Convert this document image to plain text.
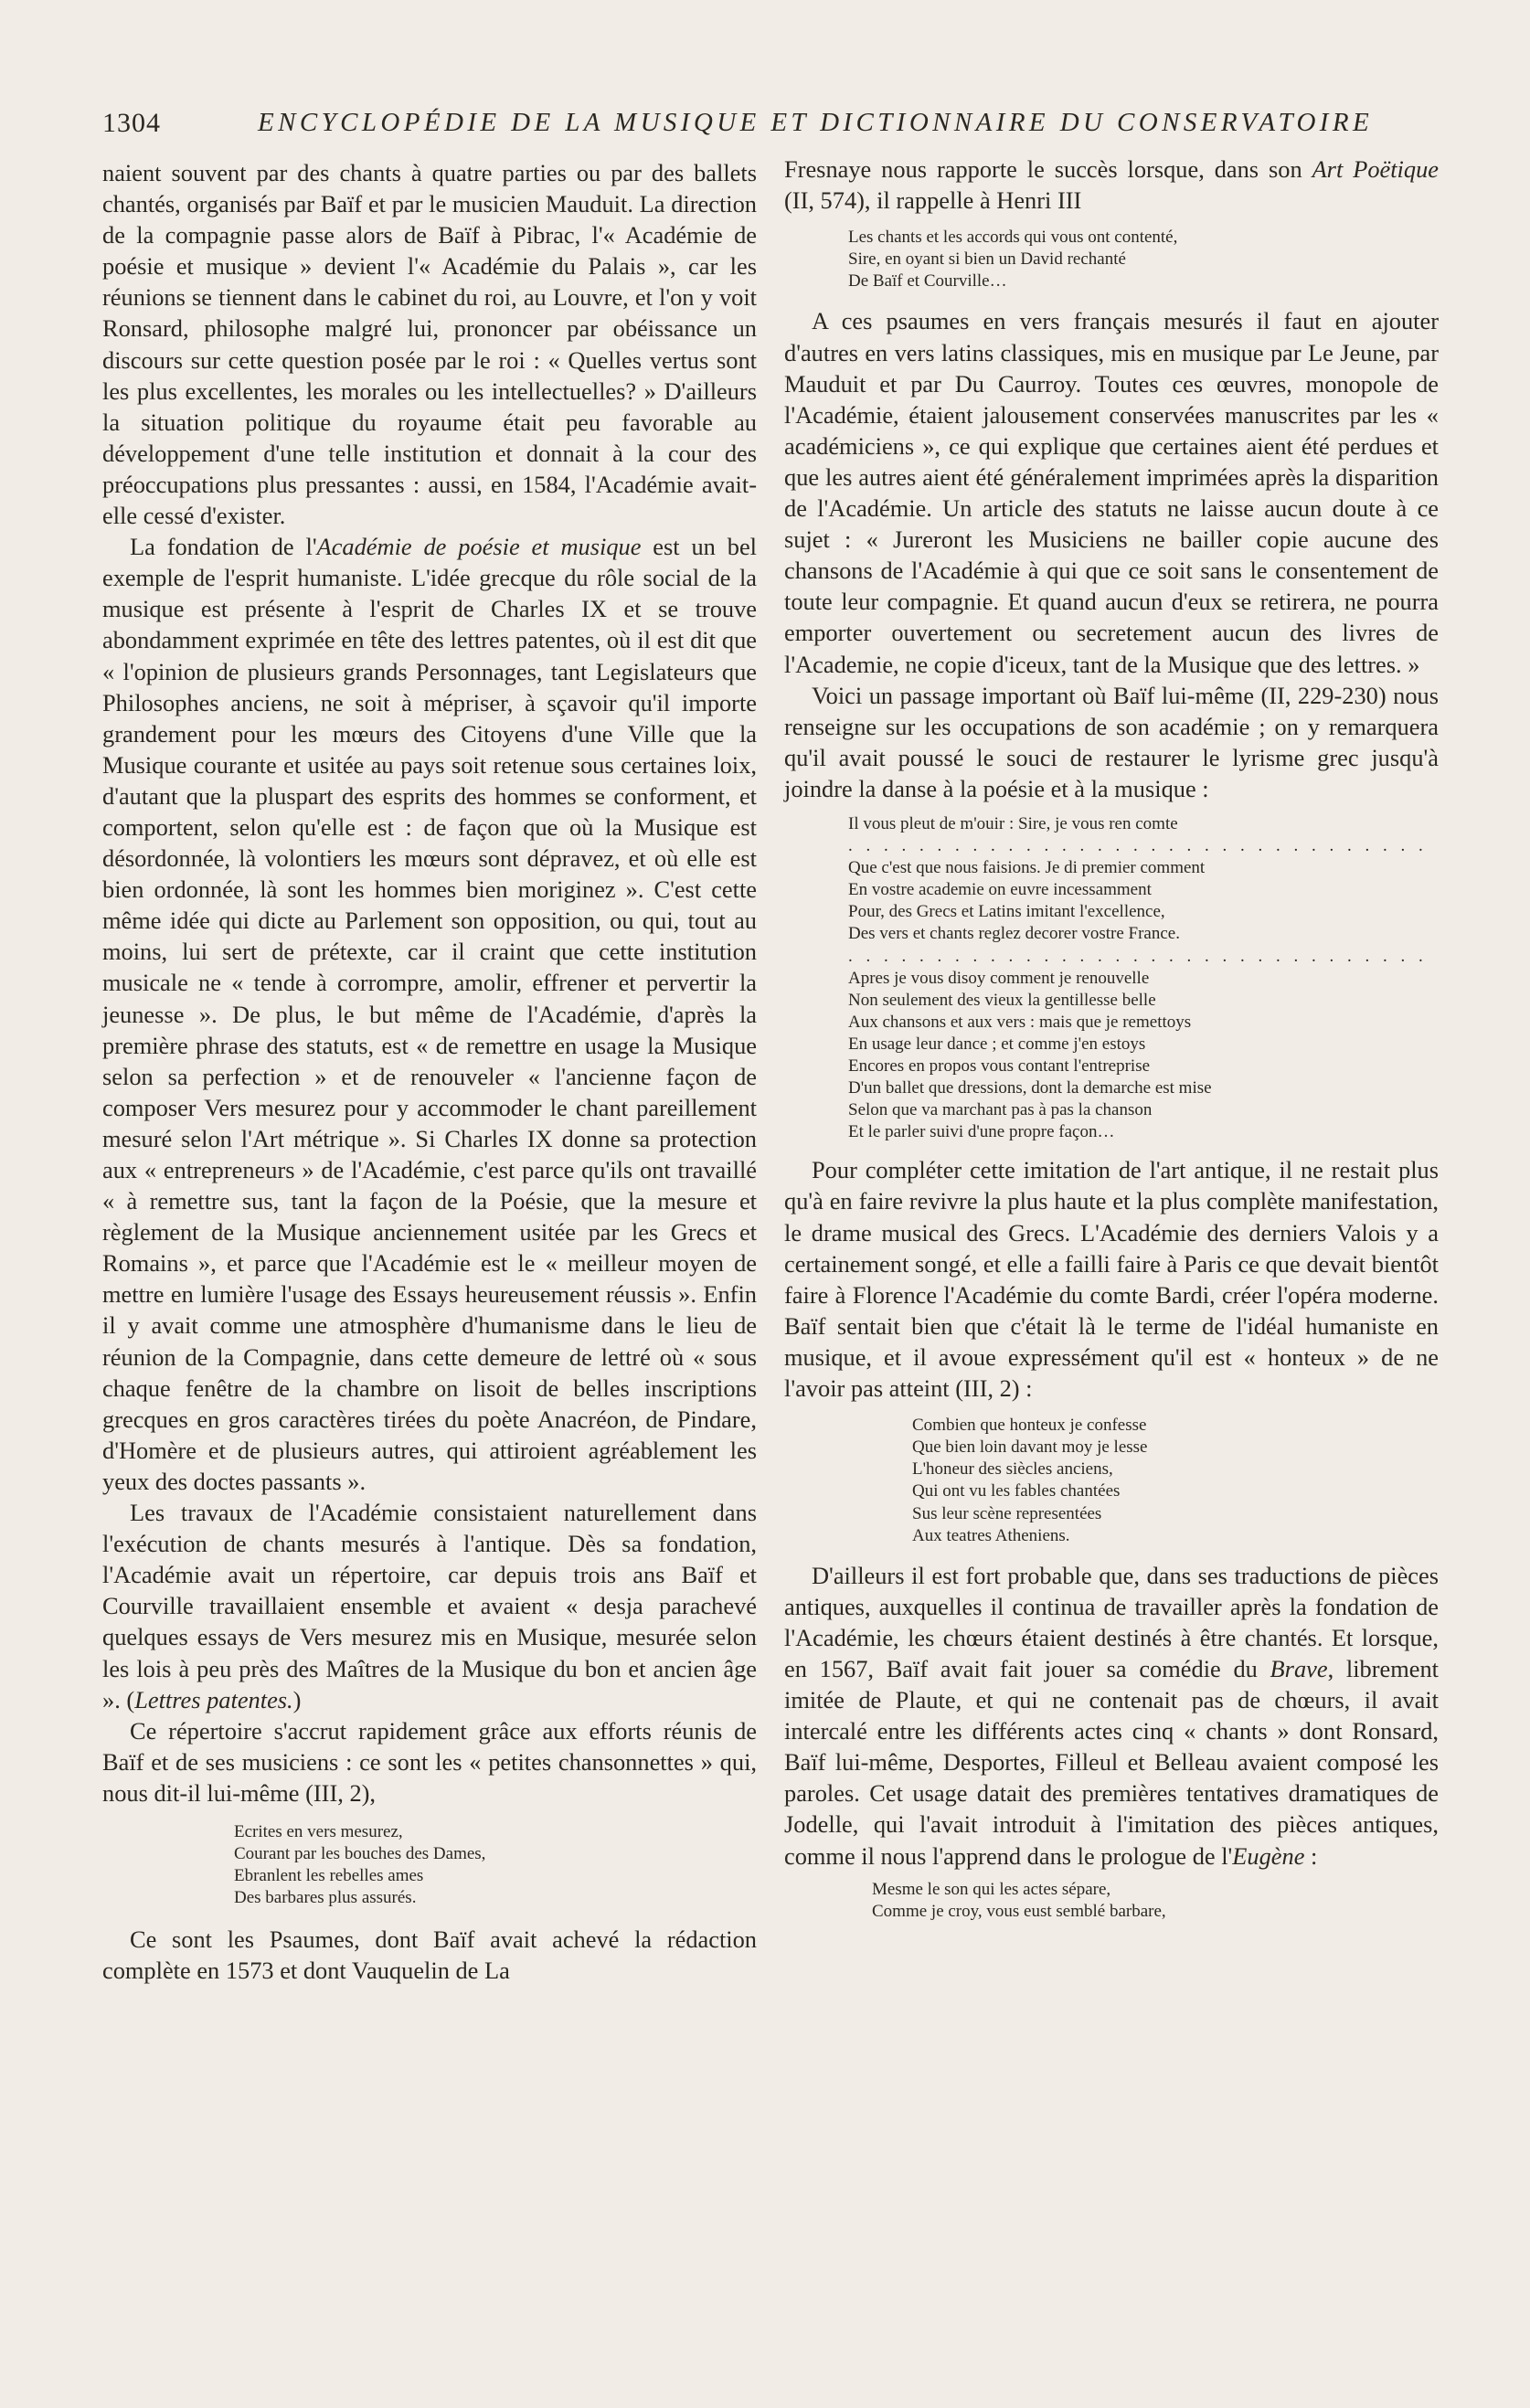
1304	ENCYCLOPÉDIE DE LA MUSIQUE ET DICTIONNAIRE DU CONSERVATOIRE

naient souvent par des chants à quatre parties ou par des ballets chantés, organisés par Baïf et par le musicien Mauduit. La direction de la compagnie passe alors de Baïf à Pibrac, l'« Académie de poésie et musique » devient l'« Académie du Palais », car les réunions se tiennent dans le cabinet du roi, au Louvre, et l'on y voit Ronsard, philosophe malgré lui, prononcer par obéissance un discours sur cette question posée par le roi : « Quelles vertus sont les plus excellentes, les morales ou les intellectuelles? » D'ailleurs la situation politique du royaume était peu favorable au développement d'une telle institution et donnait à la cour des préoccupations plus pressantes : aussi, en 1584, l'Académie avait-elle cessé d'exister.

La fondation de l'Académie de poésie et musique est un bel exemple de l'esprit humaniste. L'idée grecque du rôle social de la musique est présente à l'esprit de Charles IX et se trouve abondamment exprimée en tête des lettres patentes, où il est dit que « l'opinion de plusieurs grands Personnages, tant Legislateurs que Philosophes anciens, ne soit à mépriser, à sçavoir qu'il importe grandement pour les mœurs des Citoyens d'une Ville que la Musique courante et usitée au pays soit retenue sous certaines loix, d'autant que la pluspart des esprits des hommes se conforment, et comportent, selon qu'elle est : de façon que où la Musique est désordonnée, là volontiers les mœurs sont dépravez, et où elle est bien ordonnée, là sont les hommes bien moriginez ». C'est cette même idée qui dicte au Parlement son opposition, ou qui, tout au moins, lui sert de prétexte, car il craint que cette institution musicale ne « tende à corrompre, amolir, effrener et pervertir la jeunesse ». De plus, le but même de l'Académie, d'après la première phrase des statuts, est « de remettre en usage la Musique selon sa perfection » et de renouveler « l'ancienne façon de composer Vers mesurez pour y accommoder le chant pareillement mesuré selon l'Art métrique ». Si Charles IX donne sa protection aux « entrepreneurs » de l'Académie, c'est parce qu'ils ont travaillé « à remettre sus, tant la façon de la Poésie, que la mesure et règlement de la Musique anciennement usitée par les Grecs et Romains », et parce que l'Académie est le « meilleur moyen de mettre en lumière l'usage des Essays heureusement réussis ». Enfin il y avait comme une atmosphère d'humanisme dans le lieu de réunion de la Compagnie, dans cette demeure de lettré où « sous chaque fenêtre de la chambre on lisoit de belles inscriptions grecques en gros caractères tirées du poète Anacréon, de Pindare, d'Homère et de plusieurs autres, qui attiroient agréablement les yeux des doctes passants ».

Les travaux de l'Académie consistaient naturellement dans l'exécution de chants mesurés à l'antique. Dès sa fondation, l'Académie avait un répertoire, car depuis trois ans Baïf et Courville travaillaient ensemble et avaient « desja parachevé quelques essays de Vers mesurez mis en Musique, mesurée selon les lois à peu près des Maîtres de la Musique du bon et ancien âge ». (Lettres patentes.)

Ce répertoire s'accrut rapidement grâce aux efforts réunis de Baïf et de ses musiciens : ce sont les « petites chansonnettes » qui, nous dit-il lui-même (III, 2),

Ecrites en vers mesurez,
Courant par les bouches des Dames,
Ebranlent les rebelles ames
Des barbares plus assurés.

Ce sont les Psaumes, dont Baïf avait achevé la rédaction complète en 1573 et dont Vauquelin de La

Fresnaye nous rapporte le succès lorsque, dans son Art Poëtique (II, 574), il rappelle à Henri III

Les chants et les accords qui vous ont contenté,
Sire, en oyant si bien un David rechanté
De Baïf et Courville…

A ces psaumes en vers français mesurés il faut en ajouter d'autres en vers latins classiques, mis en musique par Le Jeune, par Mauduit et par Du Caurroy. Toutes ces œuvres, monopole de l'Académie, étaient jalousement conservées manuscrites par les « académiciens », ce qui explique que certaines aient été perdues et que les autres aient été généralement imprimées après la disparition de l'Académie. Un article des statuts ne laisse aucun doute à ce sujet : « Jureront les Musiciens ne bailler copie aucune des chansons de l'Académie à qui que ce soit sans le consentement de toute leur compagnie. Et quand aucun d'eux se retirera, ne pourra emporter ouvertement ou secretement aucun des livres de l'Academie, ne copie d'iceux, tant de la Musique que des lettres. »

Voici un passage important où Baïf lui-même (II, 229-230) nous renseigne sur les occupations de son académie ; on y remarquera qu'il avait poussé le souci de restaurer le lyrisme grec jusqu'à joindre la danse à la poésie et à la musique :

Il vous pleut de m'ouir : Sire, je vous ren comte
. . . . . . . . . . . . . . . . . . . . . . . . . . . . . . . . .
Que c'est que nous faisions. Je di premier comment
En vostre academie on euvre incessamment
Pour, des Grecs et Latins imitant l'excellence,
Des vers et chants reglez decorer vostre France.
. . . . . . . . . . . . . . . . . . . . . . . . . . . . . . . . .
Apres je vous disoy comment je renouvelle
Non seulement des vieux la gentillesse belle
Aux chansons et aux vers : mais que je remettoys
En usage leur dance ; et comme j'en estoys
Encores en propos vous contant l'entreprise
D'un ballet que dressions, dont la demarche est mise
Selon que va marchant pas à pas la chanson
Et le parler suivi d'une propre façon…

Pour compléter cette imitation de l'art antique, il ne restait plus qu'à en faire revivre la plus haute et la plus complète manifestation, le drame musical des Grecs. L'Académie des derniers Valois y a certainement songé, et elle a failli faire à Paris ce que devait bientôt faire à Florence l'Académie du comte Bardi, créer l'opéra moderne. Baïf sentait bien que c'était là le terme de l'idéal humaniste en musique, et il avoue expressément qu'il est « honteux » de ne l'avoir pas atteint (III, 2) :

Combien que honteux je confesse
Que bien loin davant moy je lesse
L'honeur des siècles anciens,
Qui ont vu les fables chantées
Sus leur scène representées
Aux teatres Atheniens.

D'ailleurs il est fort probable que, dans ses traductions de pièces antiques, auxquelles il continua de travailler après la fondation de l'Académie, les chœurs étaient destinés à être chantés. Et lorsque, en 1567, Baïf avait fait jouer sa comédie du Brave, librement imitée de Plaute, et qui ne contenait pas de chœurs, il avait intercalé entre les différents actes cinq « chants » dont Ronsard, Baïf lui-même, Desportes, Filleul et Belleau avaient composé les paroles. Cet usage datait des premières tentatives dramatiques de Jodelle, qui l'avait introduit à l'imitation des pièces antiques, comme il nous l'apprend dans le prologue de l'Eugène :

Mesme le son qui les actes sépare,
Comme je croy, vous eust semblé barbare,
